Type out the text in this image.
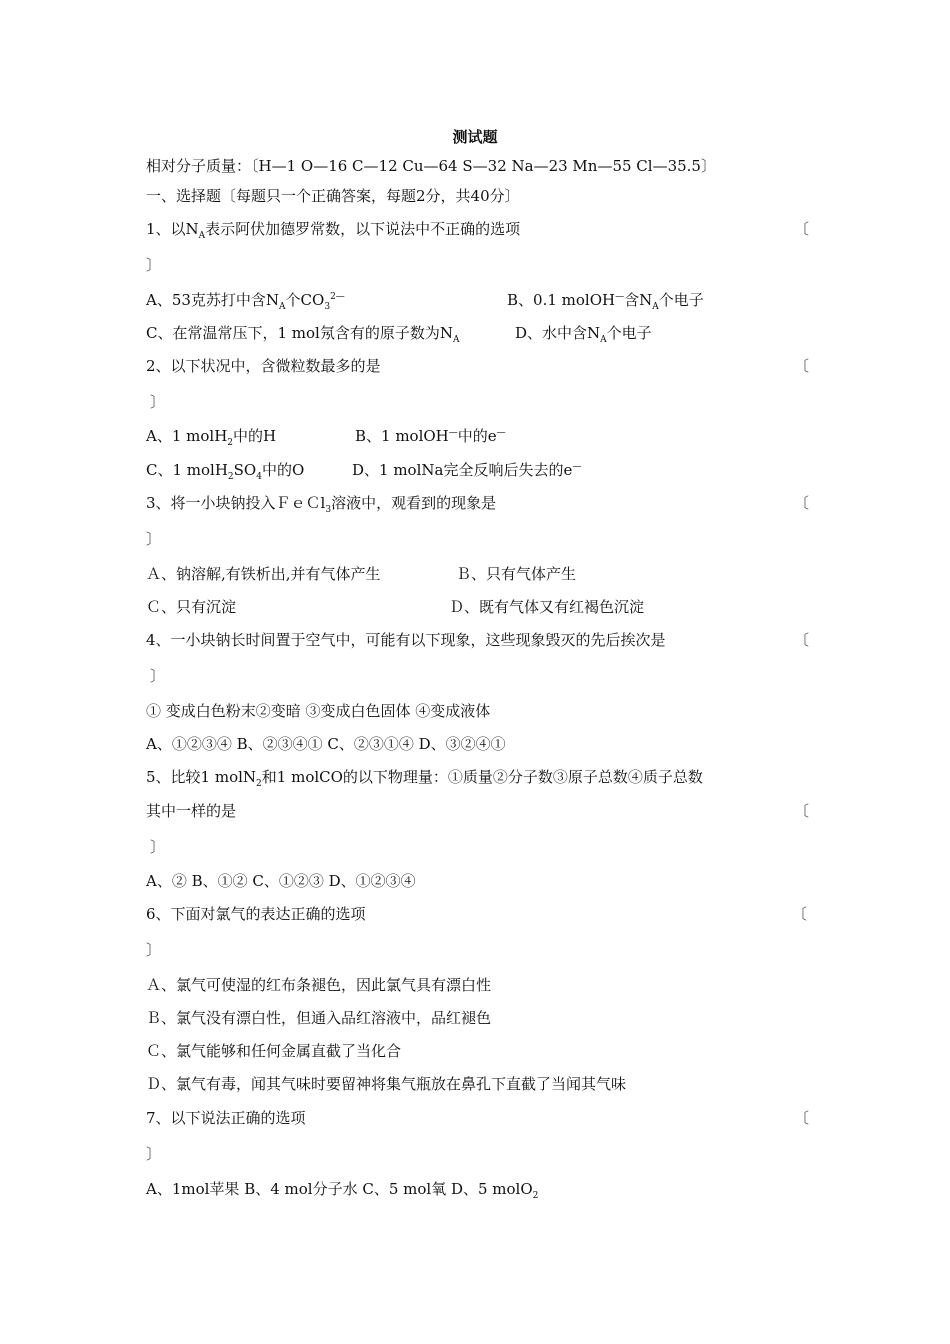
测试题
相对分子质量：〔H—1 O—16 C—12 Cu—64 S—32 Na—23 Mn—55 Cl—35.5〕
一、选择题〔每题只一个正确答案，每题2分，共40分〕
1、以$N_A$表示阿伏加德罗常数，以下说法中不正确的选项	〔
〕
A、53克苏打中含$N_A$个$CO_3^{2—}$	B、0.1 molOH—含$N_A$个电子
C、在常温常压下，1 mol氖含有的原子数为$N_A$	D、水中含$N_A$个电子
2、以下状况中，含微粒数最多的是	〔
〕
A、1 molH$_2$中的H	B、1 molOH—中的e—
C、1 $molH_2SO_4$中的O	D、1 molNa完全反响后失去的e—
3、将一小块钠投入ＦｅＣl$_3$溶液中，观看到的现象是	〔
〕
Ａ、钠溶解,有铁析出,并有气体产生	Ｂ、只有气体产生
Ｃ、只有沉淀	Ｄ、既有气体又有红褐色沉淀
4、一小块钠长时间置于空气中，可能有以下现象，这些现象毁灭的先后挨次是	〔
〕
① 变成白色粉末②变暗 ③变成白色固体 ④变成液体
A、①②③④ B、②③④① C、②③①④ D、③②④①
5、比较1 molN$_2$和1 molCO的以下物理量：①质量②分子数③原子总数④质子总数
其中一样的是	〔
〕
A、② B、①② C、①②③ D、①②③④
6、下面对氯气的表达正确的选项	〔
〕
Ａ、氯气可使湿的红布条褪色，因此氯气具有漂白性
Ｂ、氯气没有漂白性，但通入品红溶液中，品红褪色
Ｃ、氯气能够和任何金属直截了当化合
Ｄ、氯气有毒，闻其气味时要留神将集气瓶放在鼻孔下直截了当闻其气味
7、以下说法正确的选项	〔
〕
A、1mol苹果 B、4 mol分子水 C、5 mol氧 D、5 molO$_2$
